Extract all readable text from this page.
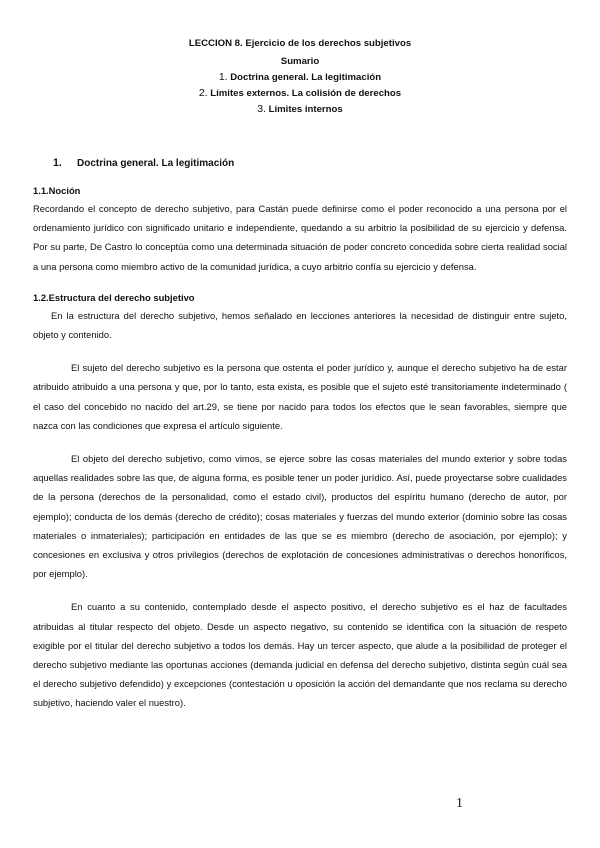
LECCION 8. Ejercicio de los derechos subjetivos
Sumario
1. Doctrina general. La legitimación
2. Límites externos. La colisión de derechos
3. Límites internos
1. Doctrina general. La legitimación
1.1.Noción

Recordando el concepto de derecho subjetivo, para Castán puede definirse como el poder reconocido a una persona por el ordenamiento jurídico con significado unitario e independiente, quedando a su arbitrio la posibilidad de su ejercicio y defensa. Por su parte, De Castro lo conceptúa como una determinada situación de poder concreto concedida sobre cierta realidad social a una persona como miembro activo de la comunidad jurídica, a cuyo arbitrio confía su ejercicio y defensa.

1.2.Estructura del derecho subjetivo

En la estructura del derecho subjetivo, hemos señalado en lecciones anteriores la necesidad de distinguir entre sujeto, objeto y contenido.

El sujeto del derecho subjetivo es la persona que ostenta el poder jurídico y, aunque el derecho subjetivo ha de estar atribuido atribuido a una persona y que, por lo tanto, esta exista, es posible que el sujeto esté transitoriamente indeterminado ( el caso del concebido no nacido del art.29, se tiene por nacido para todos los efectos que le sean favorables, siempre que nazca con las condiciones que expresa el artículo siguiente.

El objeto del derecho subjetivo, como vimos, se ejerce sobre las cosas materiales del mundo exterior y sobre todas aquellas realidades sobre las que, de alguna forma, es posible tener un poder jurídico. Así, puede proyectarse sobre cualidades de la persona (derechos de la personalidad, como el estado civil), productos del espíritu humano (derecho de autor, por ejemplo); conducta de los demás (derecho de crédito); cosas materiales y fuerzas del mundo exterior (dominio sobre las cosas materiales o inmateriales); participación en entidades de las que se es miembro (derecho de asociación, por ejemplo); y concesiones en exclusiva y otros privilegios (derechos de explotación de concesiones administrativas o derechos honoríficos, por ejemplo).

En cuanto a su contenido, contemplado desde el aspecto positivo, el derecho subjetivo es el haz de facultades atribuidas al titular respecto del objeto. Desde un aspecto negativo, su contenido se identifica con la situación de respeto exigible por el titular del derecho subjetivo a todos los demás. Hay un tercer aspecto, que alude a la posibilidad de proteger el derecho subjetivo mediante las oportunas acciones (demanda judicial en defensa del derecho subjetivo, distinta según cuál sea el derecho subjetivo defendido) y excepciones (contestación u oposición la acción del demandante que nos reclama su derecho subjetivo, haciendo valer el nuestro).

1
